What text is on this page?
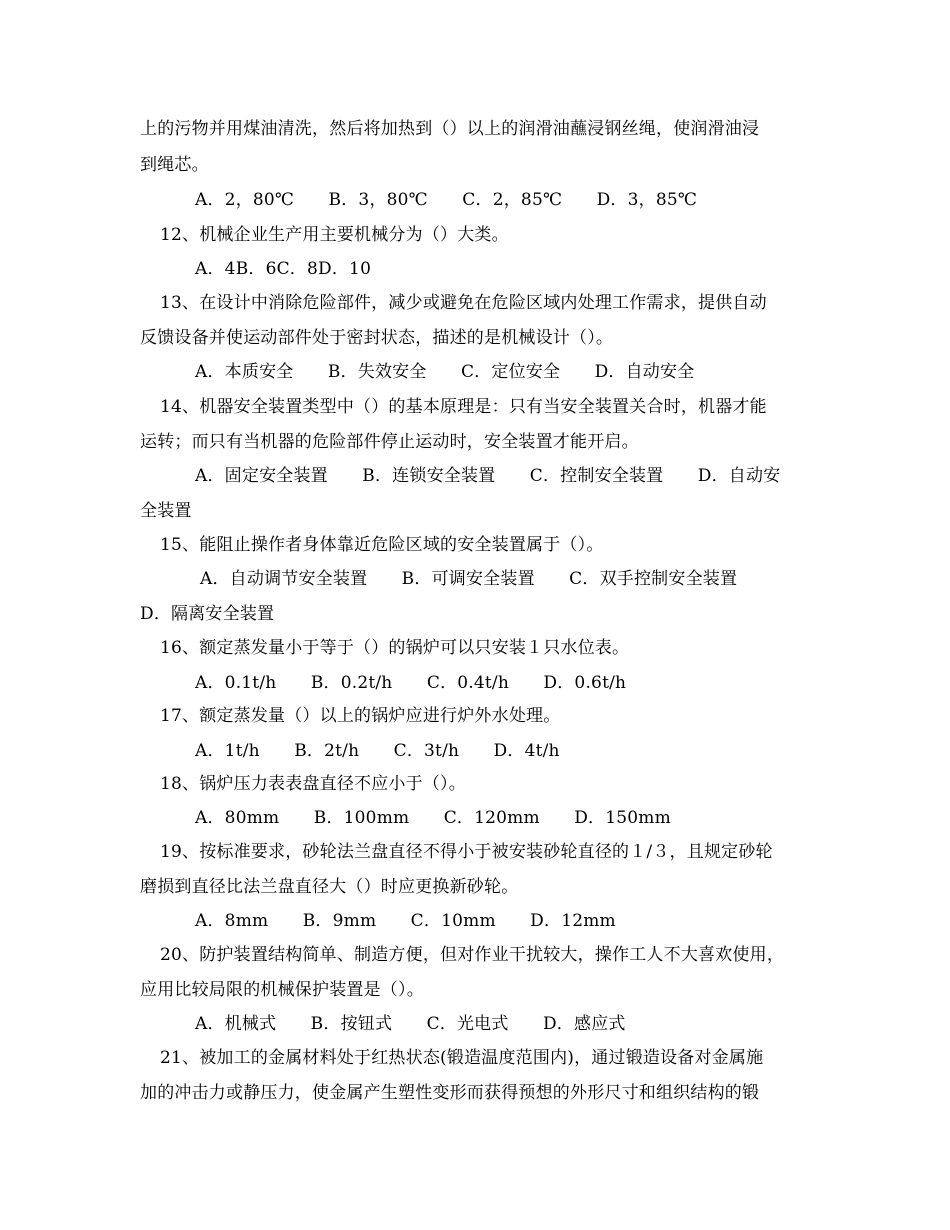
上的污物并用煤油清洗，然后将加热到（）以上的润滑油蘸浸钢丝绳，使润滑油浸
到绳芯。
A．2，80℃　　B．3，80℃　　C．2，85℃　　D．3，85℃
12、机械企业生产用主要机械分为（）大类。
A．4B．6C．8D．10
13、在设计中消除危险部件，减少或避免在危险区域内处理工作需求，提供自动
反馈设备并使运动部件处于密封状态，描述的是机械设计（）。
A．本质安全　　B．失效安全　　C．定位安全　　D．自动安全
14、机器安全装置类型中（）的基本原理是：只有当安全装置关合时，机器才能
运转；而只有当机器的危险部件停止运动时，安全装置才能开启。
A．固定安全装置　　B．连锁安全装置　　C．控制安全装置　　D．自动安
全装置
15、能阻止操作者身体靠近危险区域的安全装置属于（）。
A．自动调节安全装置　　B．可调安全装置　　C．双手控制安全装置
D．隔离安全装置
16、额定蒸发量小于等于（）的锅炉可以只安装１只水位表。
A．0.1t/h　　B．0.2t/h　　C．0.4t/h　　D．0.6t/h
17、额定蒸发量（）以上的锅炉应进行炉外水处理。
A．1t/h　　B．2t/h　　C．3t/h　　D．4t/h
18、锅炉压力表表盘直径不应小于（）。
A．80mm　　B．100mm　　C．120mm　　D．150mm
19、按标准要求，砂轮法兰盘直径不得小于被安装砂轮直径的１/３，且规定砂轮
磨损到直径比法兰盘直径大（）时应更换新砂轮。
A．8mm　　B．9mm　　C．10mm　　D．12mm
20、防护装置结构简单、制造方便，但对作业干扰较大，操作工人不大喜欢使用，
应用比较局限的机械保护装置是（）。
A．机械式　　B．按钮式　　C．光电式　　D．感应式
21、被加工的金属材料处于红热状态(锻造温度范围内)，通过锻造设备对金属施
加的冲击力或静压力，使金属产生塑性变形而获得预想的外形尺寸和组织结构的锻
